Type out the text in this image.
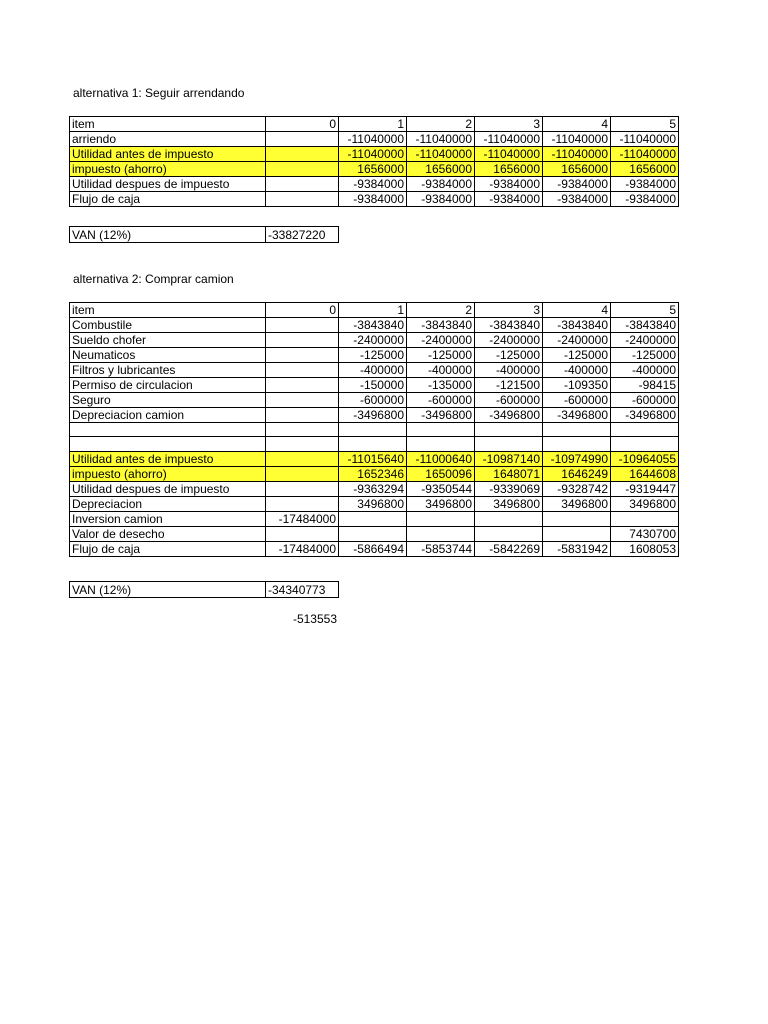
alternativa 1: Seguir arrendando
item	0	1	2	3	4	5
arriendo		-11040000	-11040000	-11040000	-11040000	-11040000
Utilidad antes de impuesto		-11040000	-11040000	-11040000	-11040000	-11040000
impuesto (ahorro)		1656000	1656000	1656000	1656000	1656000
Utilidad despues de impuesto		-9384000	-9384000	-9384000	-9384000	-9384000
Flujo de caja		-9384000	-9384000	-9384000	-9384000	-9384000
VAN (12%)	-33827220
alternativa 2: Comprar camion
item	0	1	2	3	4	5
Combustile		-3843840	-3843840	-3843840	-3843840	-3843840
Sueldo chofer		-2400000	-2400000	-2400000	-2400000	-2400000
Neumaticos		-125000	-125000	-125000	-125000	-125000
Filtros y lubricantes		-400000	-400000	-400000	-400000	-400000
Permiso de circulacion		-150000	-135000	-121500	-109350	-98415
Seguro		-600000	-600000	-600000	-600000	-600000
Depreciacion camion		-3496800	-3496800	-3496800	-3496800	-3496800

Utilidad antes de impuesto		-11015640	-11000640	-10987140	-10974990	-10964055
impuesto (ahorro)		1652346	1650096	1648071	1646249	1644608
Utilidad despues de impuesto		-9363294	-9350544	-9339069	-9328742	-9319447
Depreciacion		3496800	3496800	3496800	3496800	3496800
Inversion camion	-17484000					
Valor de desecho						7430700
Flujo de caja	-17484000	-5866494	-5853744	-5842269	-5831942	1608053
VAN (12%)	-34340773
-513553
